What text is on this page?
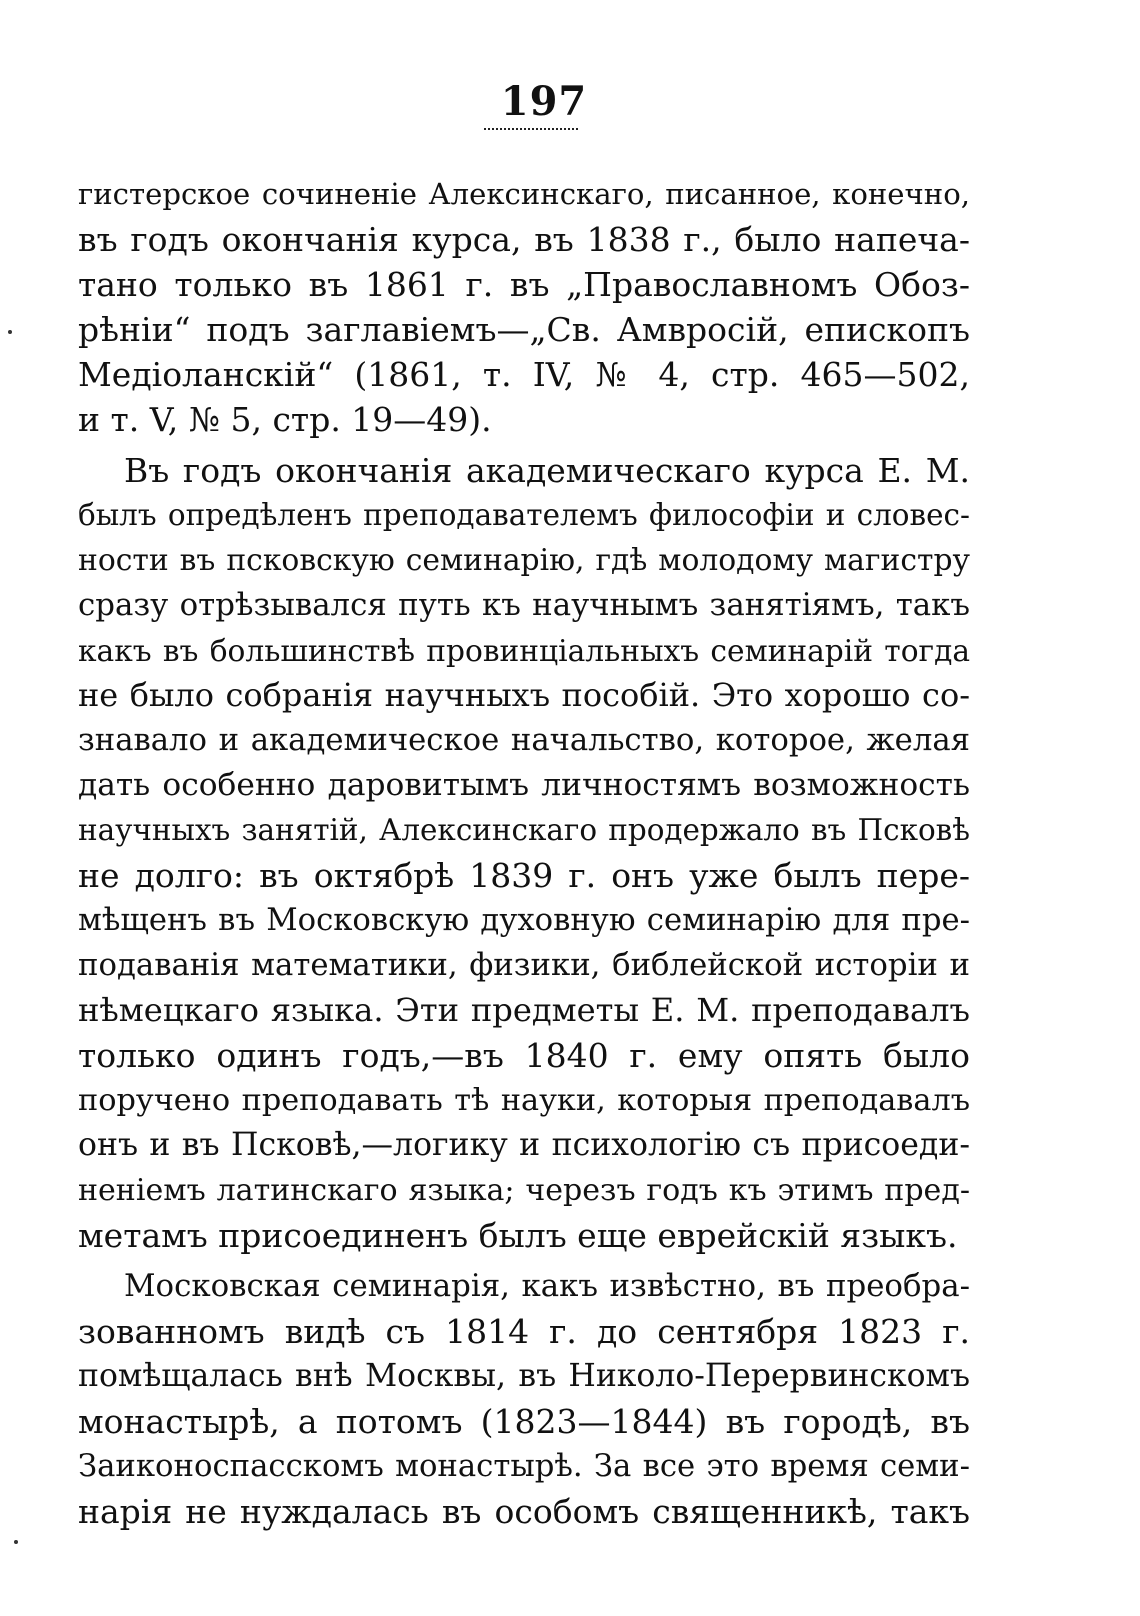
197
гистерское сочиненіе Алексинскаго, писанное, конечно,
въ годъ окончанія курса, въ 1838 г., было напеча-
тано только въ 1861 г. въ „Православномъ Обоз-
рѣніи“ подъ заглавіемъ—„Св. Амвросій, епископъ
Медіоланскій“ (1861, т. IV, № 4, стр. 465—502,
и т. V, № 5, стр. 19—49).
Въ годъ окончанія академическаго курса Е. М.
былъ опредѣленъ преподавателемъ философіи и словес-
ности въ псковскую семинарію, гдѣ молодому магистру
сразу отрѣзывался путь къ научнымъ занятіямъ, такъ
какъ въ большинствѣ провинціальныхъ семинарій тогда
не было собранія научныхъ пособій. Это хорошо со-
знавало и академическое начальство, которое, желая
дать особенно даровитымъ личностямъ возможность
научныхъ занятій, Алексинскаго продержало въ Псковѣ
не долго: въ октябрѣ 1839 г. онъ уже былъ пере-
мѣщенъ въ Московскую духовную семинарію для пре-
подаванія математики, физики, библейской исторіи и
нѣмецкаго языка. Эти предметы Е. М. преподавалъ
только одинъ годъ,—въ 1840 г. ему опять было
поручено преподавать тѣ науки, которыя преподавалъ
онъ и въ Псковѣ,—логику и психологію съ присоеди-
неніемъ латинскаго языка; черезъ годъ къ этимъ пред-
метамъ присоединенъ былъ еще еврейскій языкъ.
Московская семинарія, какъ извѣстно, въ преобра-
зованномъ видѣ съ 1814 г. до сентября 1823 г.
помѣщалась внѣ Москвы, въ Николо-Перервинскомъ
монастырѣ, а потомъ (1823—1844) въ городѣ, въ
Заиконоспасскомъ монастырѣ. За все это время семи-
нарія не нуждалась въ особомъ священникѣ, такъ
